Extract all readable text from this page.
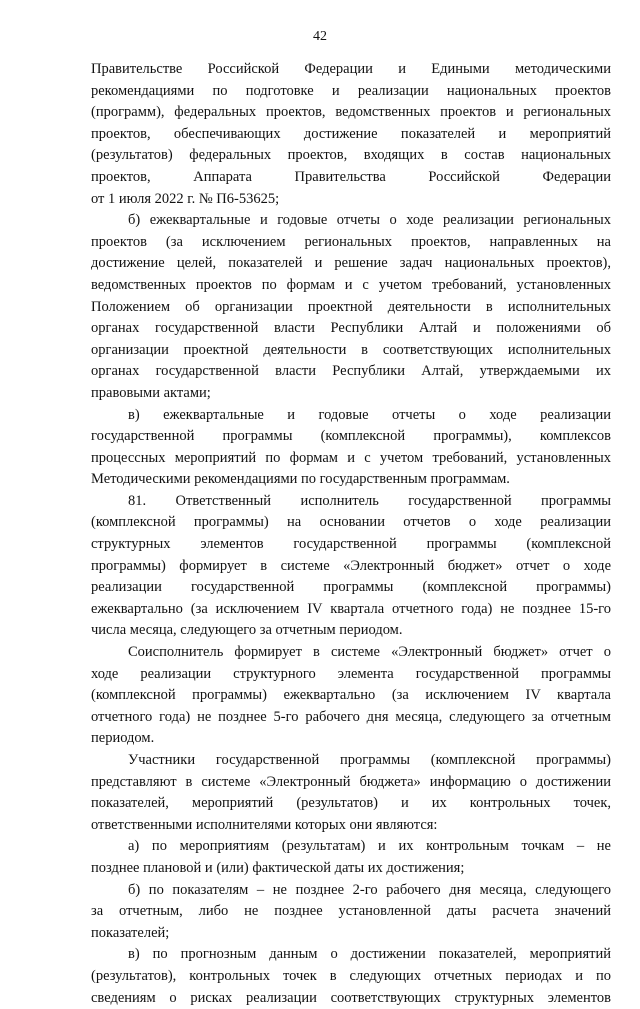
42
Правительстве Российской Федерации и Едиными методическими
рекомендациями по подготовке и реализации национальных проектов
(программ), федеральных проектов, ведомственных проектов и региональных
проектов, обеспечивающих достижение показателей и мероприятий
(результатов) федеральных проектов, входящих в состав национальных
проектов, Аппарата Правительства Российской Федерации
от 1 июля 2022 г. № П6-53625;
б) ежеквартальные и годовые отчеты о ходе реализации региональных
проектов (за исключением региональных проектов, направленных на
достижение целей, показателей и решение задач национальных проектов),
ведомственных проектов по формам и с учетом требований, установленных
Положением об организации проектной деятельности в исполнительных
органах государственной власти Республики Алтай и положениями об
организации проектной деятельности в соответствующих исполнительных
органах государственной власти Республики Алтай, утверждаемыми их
правовыми актами;
в) ежеквартальные и годовые отчеты о ходе реализации
государственной программы (комплексной программы), комплексов
процессных мероприятий по формам и с учетом требований, установленных
Методическими рекомендациями по государственным программам.
81. Ответственный исполнитель государственной программы
(комплексной программы) на основании отчетов о ходе реализации
структурных элементов государственной программы (комплексной
программы) формирует в системе «Электронный бюджет» отчет о ходе
реализации государственной программы (комплексной программы)
ежеквартально (за исключением IV квартала отчетного года) не позднее 15-го
числа месяца, следующего за отчетным периодом.
Соисполнитель формирует в системе «Электронный бюджет» отчет о
ходе реализации структурного элемента государственной программы
(комплексной программы) ежеквартально (за исключением IV квартала
отчетного года) не позднее 5-го рабочего дня месяца, следующего за отчетным
периодом.
Участники государственной программы (комплексной программы)
представляют в системе «Электронный бюджета» информацию о достижении
показателей, мероприятий (результатов) и их контрольных точек,
ответственными исполнителями которых они являются:
а) по мероприятиям (результатам) и их контрольным точкам – не
позднее плановой и (или) фактической даты их достижения;
б) по показателям – не позднее 2-го рабочего дня месяца, следующего
за отчетным, либо не позднее установленной даты расчета значений
показателей;
в) по прогнозным данным о достижении показателей, мероприятий
(результатов), контрольных точек в следующих отчетных периодах и по
сведениям о рисках реализации соответствующих структурных элементов
